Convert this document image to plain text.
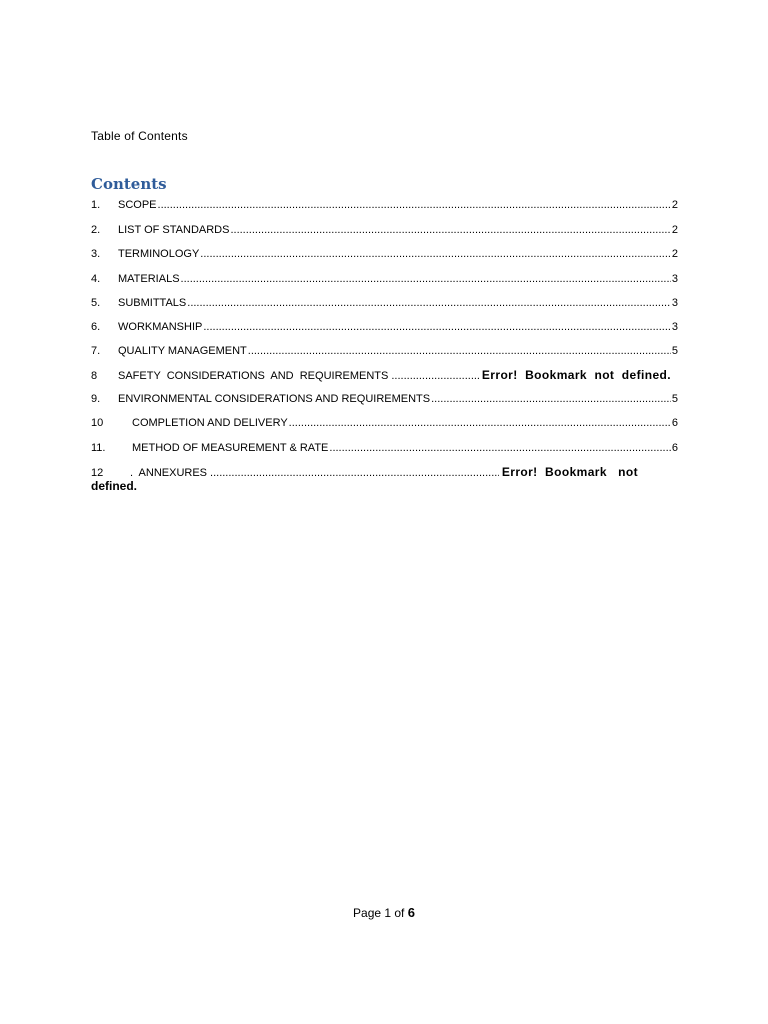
Table of Contents
Contents
1.	SCOPE .....	2
2.	LIST OF STANDARDS .....	2
3.	TERMINOLOGY .....	2
4.	MATERIALS .....	3
5.	SUBMITTALS .....	3
6.	WORKMANSHIP .....	3
7.	QUALITY MANAGEMENT .....	5
8	SAFETY  CONSIDERATIONS  AND  REQUIREMENTS .....	Error!  Bookmark  not  defined.
9.	ENVIRONMENTAL CONSIDERATIONS AND REQUIREMENTS .....	5
10	COMPLETION AND DELIVERY .....	6
11.	METHOD OF MEASUREMENT & RATE .....	6
12	.  ANNEXURES .....	Error!  Bookmark   not
defined.
Page 1 of 6
